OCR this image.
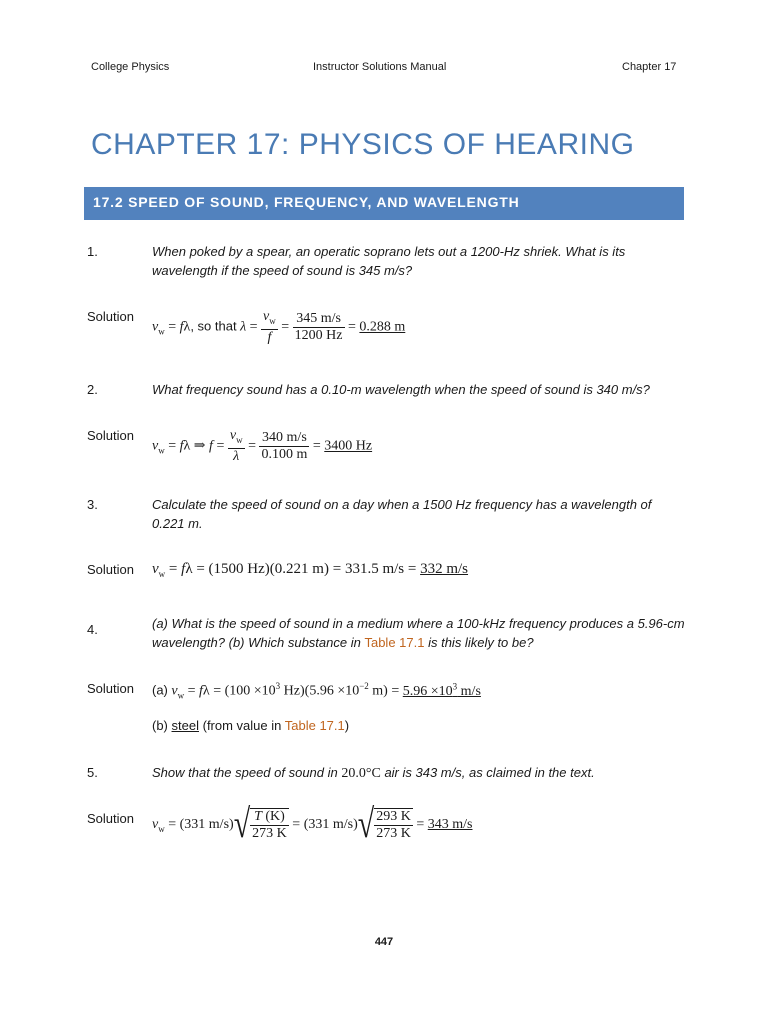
College Physics	Instructor Solutions Manual	Chapter 17
CHAPTER 17: PHYSICS OF HEARING
17.2 SPEED OF SOUND, FREQUENCY, AND WAVELENGTH
1.	When poked by a spear, an operatic soprano lets out a 1200-Hz shriek. What is its wavelength if the speed of sound is 345 m/s?
Solution
$v_w = f\lambda$, so that $\lambda = \frac{v_w}{f} = \frac{345 m/s}{1200 Hz} = 0.288$ m
2.	What frequency sound has a 0.10-m wavelength when the speed of sound is 340 m/s?
Solution
$v_w = f\lambda$ ⇒ $f = \frac{v_w}{\lambda} = \frac{340 m/s}{0.100 m} = 3400$ Hz
3.	Calculate the speed of sound on a day when a 1500 Hz frequency has a wavelength of 0.221 m.
Solution $v_w = f\lambda = (1500$ Hz)(0.221 m) = 331.5 m/s = 332 m/s
4.	(a) What is the speed of sound in a medium where a 100-kHz frequency produces a 5.96-cm wavelength? (b) Which substance in Table 17.1 is this likely to be?
Solution (a) $v_w = f\lambda = (100 \times 10^3$ $Hz)(5.96 \times 10^{-2}$ $m) = 5.96 \times 10^3$ m/s
(b) steel (from value in Table 17.1)
5.	Show that the speed of sound in 20.0°C air is 343 m/s, as claimed in the text.
Solution $v_w = (331$ $m/s)√ \frac{T (K)}{273 K} = (331$ $m/s)√ \frac{293 K}{273 K} = 343$ m/s
447
